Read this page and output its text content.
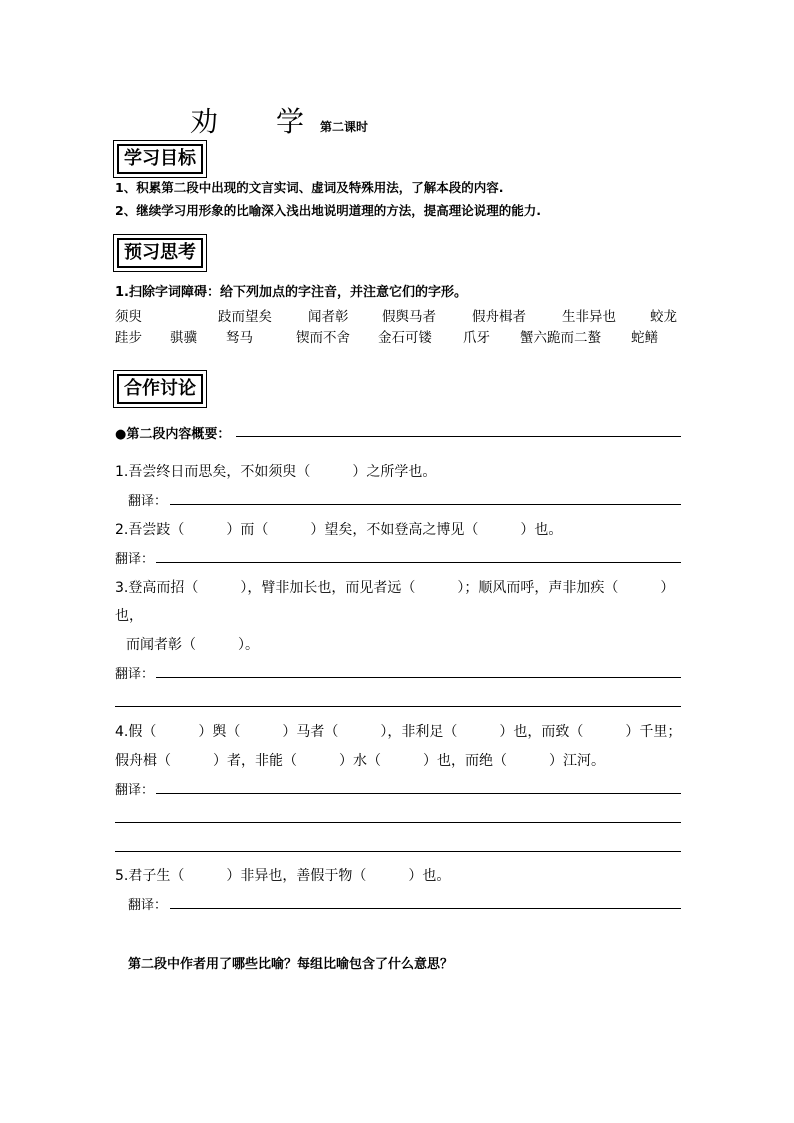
劝 学 第二课时
学习目标
1、积累第二段中出现的文言实词、虚词及特殊用法，了解本段的内容.
2、继续学习用形象的比喻深入浅出地说明道理的方法，提高理论说理的能力.
预习思考
1.扫除字词障碍：给下列加点的字注音，并注意它们的字形。
须臾	跂而望矣	闻者彰 假舆马者	假舟楫者	生非异也	蛟龙
跬步 骐骥 驽马	锲而不舍 金石可镂 爪牙 蟹六跪而二螯 蛇鳝
合作讨论
●第二段内容概要：
1.吾尝终日而思矣，不如须臾（　　　）之所学也。
翻译：
2.吾尝跂（　　　）而（　　　）望矣，不如登高之博见（　　　）也。
翻译：
3.登高而招（　　　），臂非加长也，而见者远（　　　）；顺风而呼，声非加疾（　　　）
也，
而闻者彰（　　　）。
翻译：
4.假（　　　）舆（　　　）马者（　　　），非利足（　　　）也，而致（　　　）千里；
假舟楫（　　　）者，非能（　　　）水（　　　）也，而绝（　　　）江河。
翻译：
5.君子生（　　　）非异也，善假于物（　　　）也。
翻译：
第二段中作者用了哪些比喻？每组比喻包含了什么意思？
